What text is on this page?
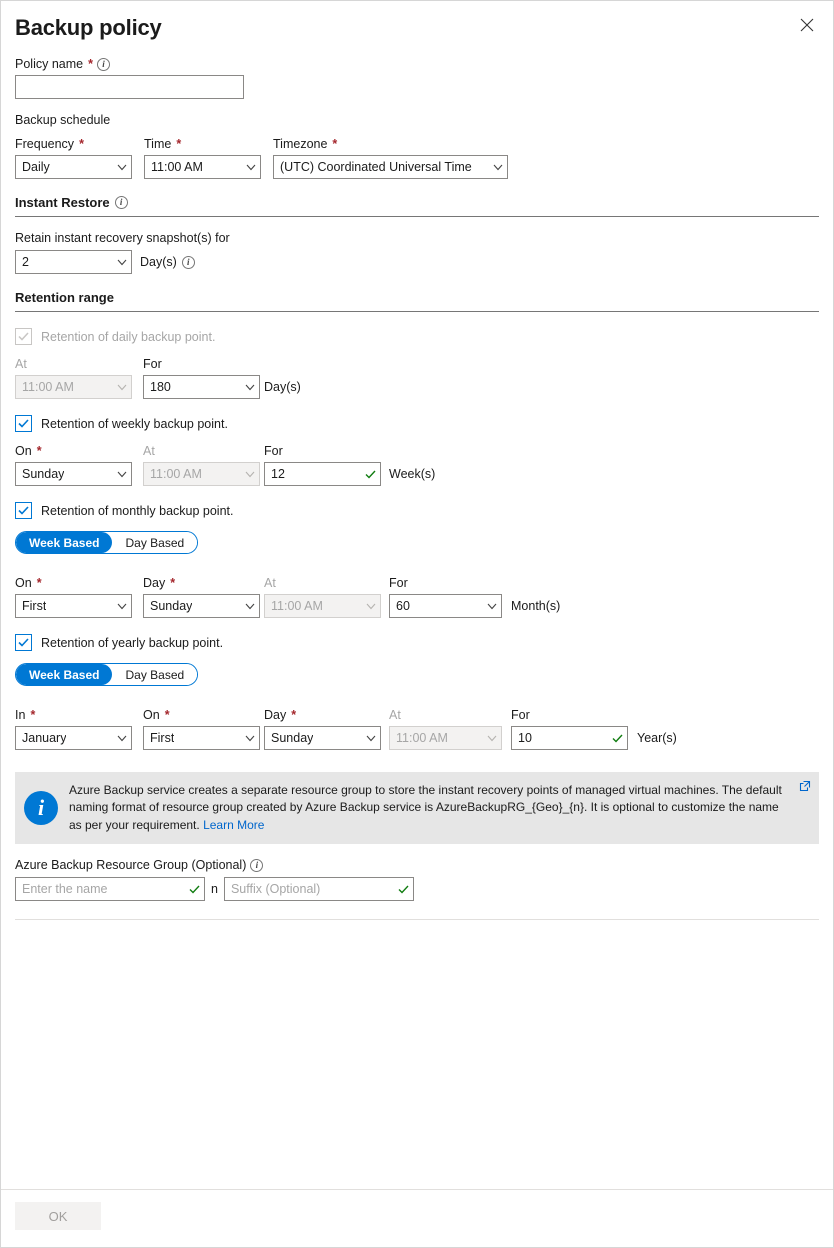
Backup policy
Policy name *	i
Backup schedule
Frequency *
Daily
Time *
11:00 AM
Timezone *
(UTC) Coordinated Universal Time
Instant Restore	i
Retain instant recovery snapshot(s) for
2	Day(s)	i
Retention range
Retention of daily backup point.
At
11:00 AM
For
180	Day(s)
Retention of weekly backup point.
On *
Sunday
At
11:00 AM
For
12	Week(s)
Retention of monthly backup point.
Week Based	Day Based
On *
First
Day *
Sunday
At
11:00 AM
For
60	Month(s)
Retention of yearly backup point.
Week Based	Day Based
In *
January
On *
First
Day *
Sunday
At
11:00 AM
For
10	Year(s)
i
Azure Backup service creates a separate resource group to store the instant recovery points of managed virtual machines. The default naming format of resource group created by Azure Backup service is AzureBackupRG_{Geo}_{n}. It is optional to customize the name as per your requirement. Learn More
Azure Backup Resource Group (Optional)	i
Enter the name	n	Suffix (Optional)
OK
